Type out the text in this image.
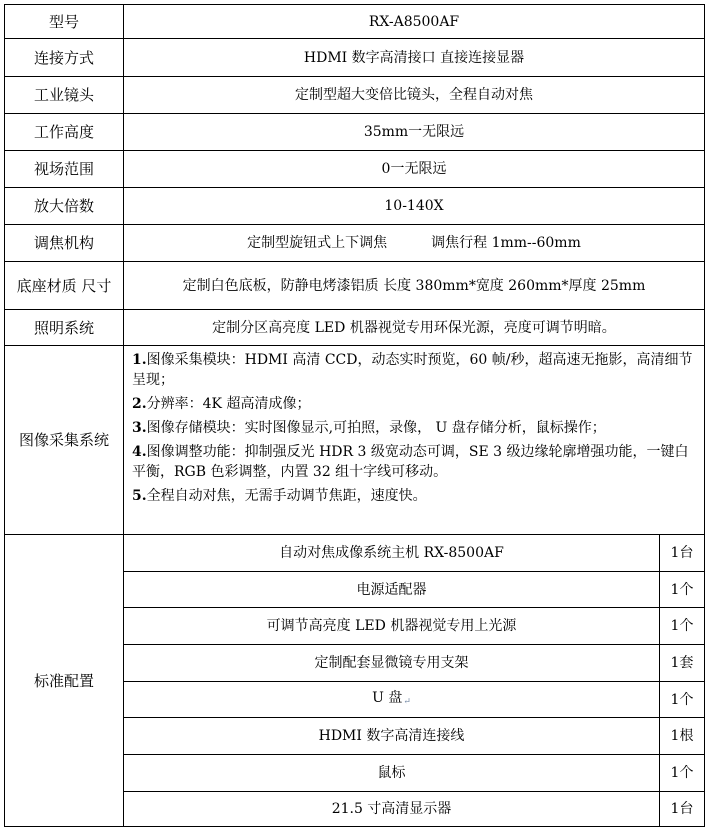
型号	RX-A8500AF	
连接方式	HDMI 数字高清接口 直接连接显器	
工业镜头	定制型超大变倍比镜头，全程自动对焦	
工作高度	35mm一无限远	
视场范围	0一无限远	
放大倍数	10-140X	
调焦机构	定制型旋钮式上下调焦 调焦行程 1mm--60mm	
底座材质 尺寸	定制白色底板，防静电烤漆铝质 长度 380mm*宽度 260mm*厚度 25mm	
照明系统	定制分区高亮度 LED 机器视觉专用环保光源，亮度可调节明暗。	
图像采集系统	1.图像采集模块：HDMI 高清 CCD，动态实时预览，60 帧/秒，超高速无拖影，高清细节呈现；
2.分辨率：4K 超高清成像；
3.图像存储模块：实时图像显示,可拍照，录像， U 盘存储分析，鼠标操作；
4.图像调整功能：抑制强反光 HDR 3 级宽动态可调，SE 3 级边缘轮廓增强功能，一键白平衡，RGB 色彩调整，内置 32 组十字线可移动。
5.全程自动对焦，无需手动调节焦距，速度快。	

标准配置	自动对焦成像系统主机 RX-8500AF	1台
	电源适配器	1个
	可调节高亮度 LED 机器视觉专用上光源	1个
	定制配套显微镜专用支架	1套
	U 盘↵	1个
	HDMI 数字高清连接线	1根
	鼠标	1个
	21.5 寸高清显示器	1台
